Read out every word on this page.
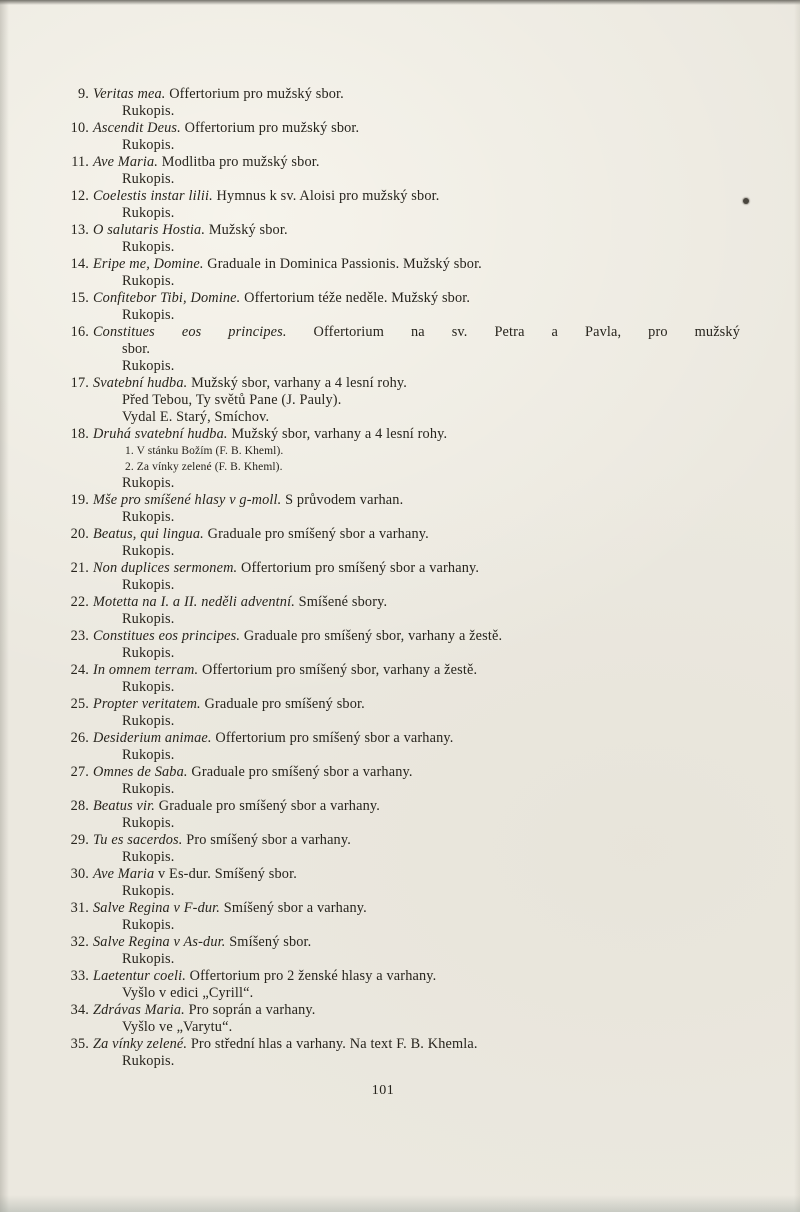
9. Veritas mea. Offertorium pro mužský sbor.
Rukopis.
10. Ascendit Deus. Offertorium pro mužský sbor.
Rukopis.
11. Ave Maria. Modlitba pro mužský sbor.
Rukopis.
12. Coelestis instar lilii. Hymnus k sv. Aloisi pro mužský sbor.
Rukopis.
13. O salutaris Hostia. Mužský sbor.
Rukopis.
14. Eripe me, Domine. Graduale in Dominica Passionis. Mužský sbor.
Rukopis.
15. Confitebor Tibi, Domine. Offertorium téže neděle. Mužský sbor.
Rukopis.
16. Constitues eos principes. Offertorium na sv. Petra a Pavla, pro mužský
sbor.
Rukopis.
17. Svatební hudba. Mužský sbor, varhany a 4 lesní rohy.
Před Tebou, Ty světů Pane (J. Pauly).
Vydal E. Starý, Smíchov.
18. Druhá svatební hudba. Mužský sbor, varhany a 4 lesní rohy.
1. V stánku Božím (F. B. Kheml).
2. Za vínky zelené (F. B. Kheml).
Rukopis.
19. Mše pro smíšené hlasy v g-moll. S průvodem varhan.
Rukopis.
20. Beatus, qui lingua. Graduale pro smíšený sbor a varhany.
Rukopis.
21. Non duplices sermonem. Offertorium pro smíšený sbor a varhany.
Rukopis.
22. Motetta na I. a II. neděli adventní. Smíšené sbory.
Rukopis.
23. Constitues eos principes. Graduale pro smíšený sbor, varhany a žestě.
Rukopis.
24. In omnem terram. Offertorium pro smíšený sbor, varhany a žestě.
Rukopis.
25. Propter veritatem. Graduale pro smíšený sbor.
Rukopis.
26. Desiderium animae. Offertorium pro smíšený sbor a varhany.
Rukopis.
27. Omnes de Saba. Graduale pro smíšený sbor a varhany.
Rukopis.
28. Beatus vir. Graduale pro smíšený sbor a varhany.
Rukopis.
29. Tu es sacerdos. Pro smíšený sbor a varhany.
Rukopis.
30. Ave Maria v Es-dur. Smíšený sbor.
Rukopis.
31. Salve Regina v F-dur. Smíšený sbor a varhany.
Rukopis.
32. Salve Regina v As-dur. Smíšený sbor.
Rukopis.
33. Laetentur coeli. Offertorium pro 2 ženské hlasy a varhany.
Vyšlo v edici „Cyrill“.
34. Zdrávas Maria. Pro soprán a varhany.
Vyšlo ve „Varytu“.
35. Za vínky zelené. Pro střední hlas a varhany. Na text F. B. Khemla.
Rukopis.
101
